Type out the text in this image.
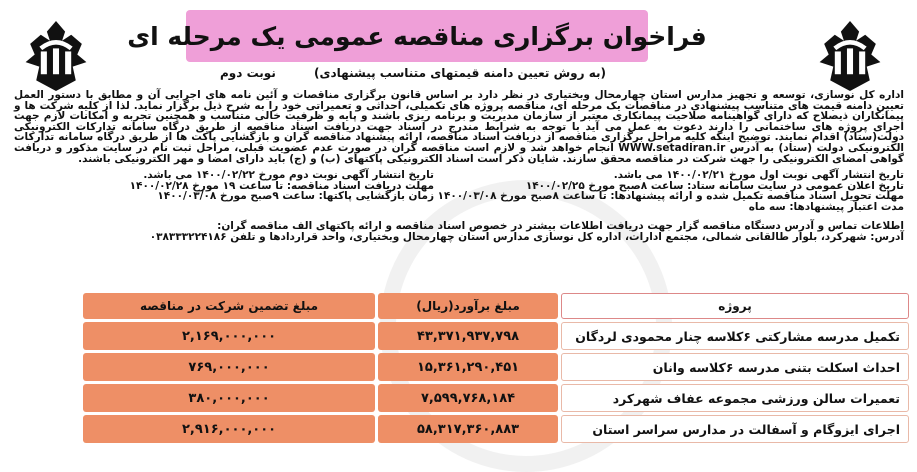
فراخوان برگزاری مناقصه عمومی یک مرحله ای
(به روش تعیین دامنه قیمتهای متناسب پیشنهادی)
نوبت دوم

اداره کل نوسازی، توسعه و تجهیز مدارس استان چهارمحال وبختیاری در نظر دارد بر اساس قانون برگزاری مناقصات و آئین نامه های اجرایی آن و مطابق با دستور العمل تعیین دامنه قیمت های متناسب پیشنهادی در مناقصات یک مرحله ای، مناقصه پروژه های تکمیلی، احداثی و تعمیراتی خود را به شرح ذیل برگزار نماید. لذا از کلیه شرکت ها و پیمانکاران ذیصلاح که دارای گواهینامه صلاحیت پیمانکاری معتبر از سازمان مدیریت و برنامه ریزی باشند و پایه و ظرفیت خالی متناسب و همچنین تجربه و امکانات لازم جهت اجرای پروژه های ساختمانی را دارند دعوت به عمل می آید با توجه به شرایط مندرج در اسناد جهت دریافت اسناد مناقصه از طریق درگاه سامانه تدارکات الکترونیکی دولت(ستاد) اقدام نمایند. توضیح اینکه کلیه مراحل برگزاری مناقصه از دریافت اسناد مناقصه، ارائه پیشنهاد مناقصه گران و بازگشایی پاکت ها از طریق درگاه سامانه تدارکات الکترونیکی دولت (ستاد) به آدرس WWW.setadiran.ir انجام خواهد شد و لازم است مناقصه گران در صورت عدم عضویت قبلی، مراحل ثبت نام در سایت مذکور و دریافت گواهی امضای الکترونیکی را جهت شرکت در مناقصه محقق سازند. شایان ذکر است اسناد الکترونیکی پاکتهای (ب) و (ج) باید دارای امضا و مهر الکترونیکی باشند.

تاریخ انتشار آگهی نوبت اول مورخ ۱۴۰۰/۰۲/۲۱ می باشد.
تاریخ انتشار آگهی نوبت دوم مورخ ۱۴۰۰/۰۲/۲۲ می باشد.
تاریخ اعلان عمومی در سایت سامانه ستاد: ساعت ۸صبح مورخ ۱۴۰۰/۰۲/۲۵
مهلت دریافت اسناد مناقصه: تا ساعت ۱۹ مورخ ۱۴۰۰/۰۲/۲۸
مهلت تحویل اسناد مناقصه تکمیل شده و ارائه پیشنهادها: تا ساعت ۸صبح مورخ ۱۴۰۰/۰۳/۰۸
زمان بازگشایی پاکتها: ساعت ۹صبح مورخ ۱۴۰۰/۰۳/۰۸
مدت اعتبار پیشنهادها: سه ماه
اطلاعات تماس و آدرس دستگاه مناقصه گزار جهت دریافت اطلاعات بیشتر در خصوص اسناد مناقصه و ارائه پاکتهای الف مناقصه گران:
آدرس: شهرکرد، بلوار طالقانی شمالی، مجتمع ادارات، اداره کل نوسازی مدارس استان چهارمحال وبختیاری، واحد قراردادها و تلفن ۰۳۸۳۳۳۲۲۴۱۸۶
پروژه	مبلغ برآورد(ریال)	مبلغ تضمین شرکت در مناقصه
تکمیل مدرسه مشارکتی ۶کلاسه چنار محمودی لردگان	۴۳,۳۷۱,۹۳۷,۷۹۸	۲,۱۶۹,۰۰۰,۰۰۰
احداث اسکلت بتنی مدرسه ۶کلاسه وانان	۱۵,۳۶۱,۲۹۰,۴۵۱	۷۶۹,۰۰۰,۰۰۰
تعمیرات سالن ورزشی مجموعه عفاف شهرکرد	۷,۵۹۹,۷۶۸,۱۸۴	۳۸۰,۰۰۰,۰۰۰
اجرای ایزوگام و آسفالت در مدارس سراسر استان	۵۸,۳۱۷,۳۶۰,۸۸۳	۲,۹۱۶,۰۰۰,۰۰۰
